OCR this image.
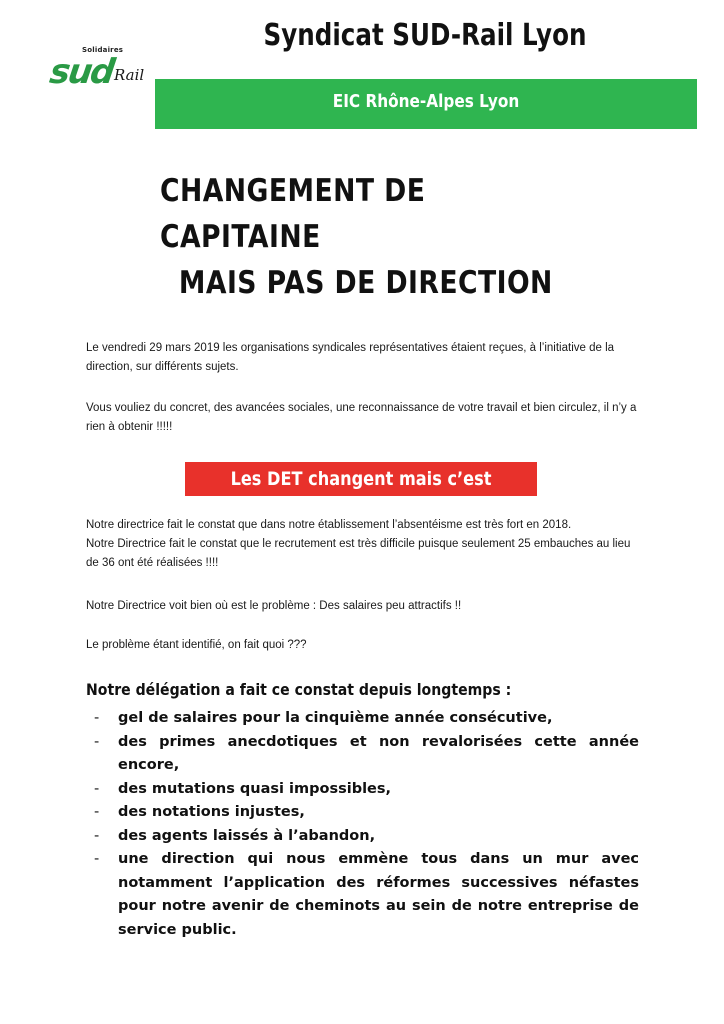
Solidaires
sud
Rail
Syndicat SUD-Rail Lyon
EIC Rhône-Alpes Lyon
CHANGEMENT DE CAPITAINE
MAIS PAS DE DIRECTION

Le vendredi 29 mars 2019 les organisations syndicales représentatives étaient reçues, à l’initiative de la direction, sur différents sujets.

Vous vouliez du concret, des avancées sociales, une reconnaissance de votre travail et bien circulez, il n’y a rien à obtenir !!!!!

Les DET changent mais c’est tout !!!

Notre directrice fait le constat que dans notre établissement l’absentéisme est très fort en 2018.
Notre Directrice fait le constat que le recrutement est très difficile puisque seulement 25 embauches au lieu de 36 ont été réalisées !!!!

Notre Directrice voit bien où est le problème : Des salaires peu attractifs !!

Le problème étant identifié, on fait quoi ???

Notre délégation a fait ce constat depuis longtemps :
- gel de salaires pour la cinquième année consécutive,
- des primes anecdotiques et non revalorisées cette année encore,
- des mutations quasi impossibles,
- des notations injustes,
- des agents laissés à l’abandon,
- une direction qui nous emmène tous dans un mur avec notamment l’application des réformes successives néfastes pour notre avenir de cheminots au sein de notre entreprise de service public.
